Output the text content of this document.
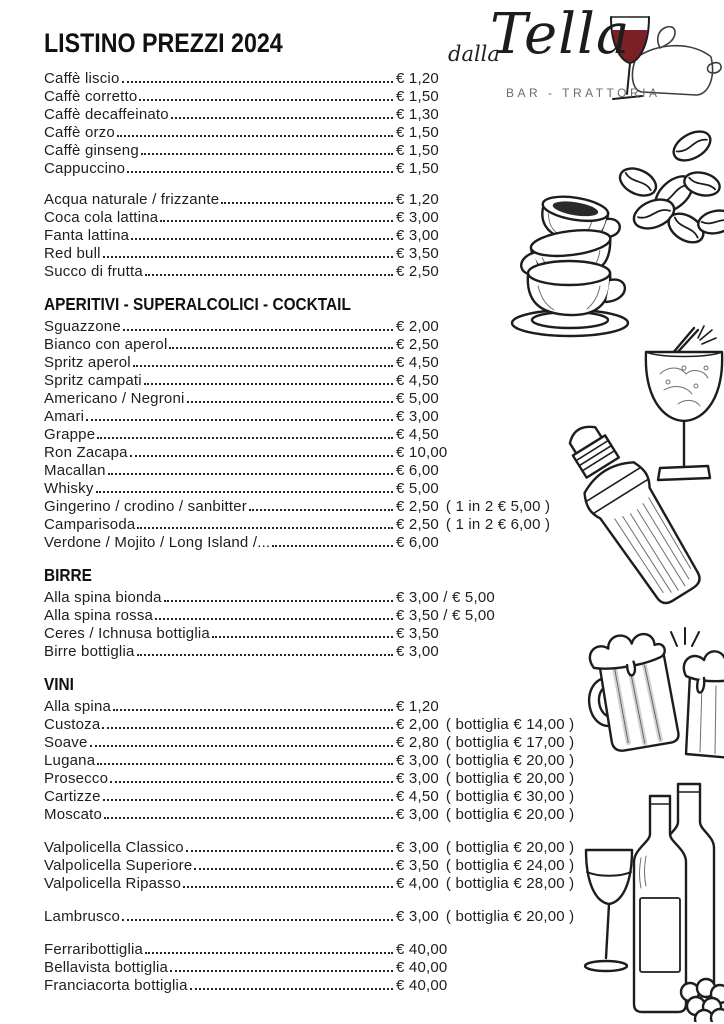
dalla
Tella
BAR - TRATTORIA
LISTINO PREZZI 2024
Caffè liscio	€ 1,20
Caffè corretto	€ 1,50
Caffè decaffeinato	€ 1,30
Caffè orzo	€ 1,50
Caffè ginseng	€ 1,50
Cappuccino	€ 1,50
Acqua naturale / frizzante	€ 1,20
Coca cola lattina	€ 3,00
Fanta lattina	€ 3,00
Red bull	€ 3,50
Succo di frutta	€ 2,50
APERITIVI - SUPERALCOLICI - COCKTAIL
Sguazzone	€ 2,00
Bianco con aperol	€ 2,50
Spritz aperol	€ 4,50
Spritz campati	€ 4,50
Americano / Negroni	€ 5,00
Amari	€ 3,00
Grappe	€ 4,50
Ron Zacapa	€ 10,00
Macallan	€ 6,00
Whisky	€ 5,00
Gingerino / crodino / sanbitter	€ 2,50 ( 1 in 2 € 5,00 )
Camparisoda	€ 2,50 ( 1 in 2 € 6,00 )
Verdone / Mojito / Long Island /...	€ 6,00
BIRRE
Alla spina bionda	€ 3,00 / € 5,00
Alla spina rossa	€ 3,50 / € 5,00
Ceres / Ichnusa bottiglia	€ 3,50
Birre bottiglia	€ 3,00
VINI
Alla spina	€ 1,20
Custoza	€ 2,00 ( bottiglia € 14,00 )
Soave	€ 2,80 ( bottiglia € 17,00 )
Lugana	€ 3,00 ( bottiglia € 20,00 )
Prosecco	€ 3,00 ( bottiglia € 20,00 )
Cartizze	€ 4,50 ( bottiglia € 30,00 )
Moscato	€ 3,00 ( bottiglia € 20,00 )
Valpolicella Classico	€ 3,00 ( bottiglia € 20,00 )
Valpolicella Superiore	€ 3,50 ( bottiglia € 24,00 )
Valpolicella Ripasso	€ 4,00 ( bottiglia € 28,00 )
Lambrusco	€ 3,00 ( bottiglia € 20,00 )
Ferraribottiglia	€ 40,00
Bellavista bottiglia	€ 40,00
Franciacorta bottiglia	€ 40,00
